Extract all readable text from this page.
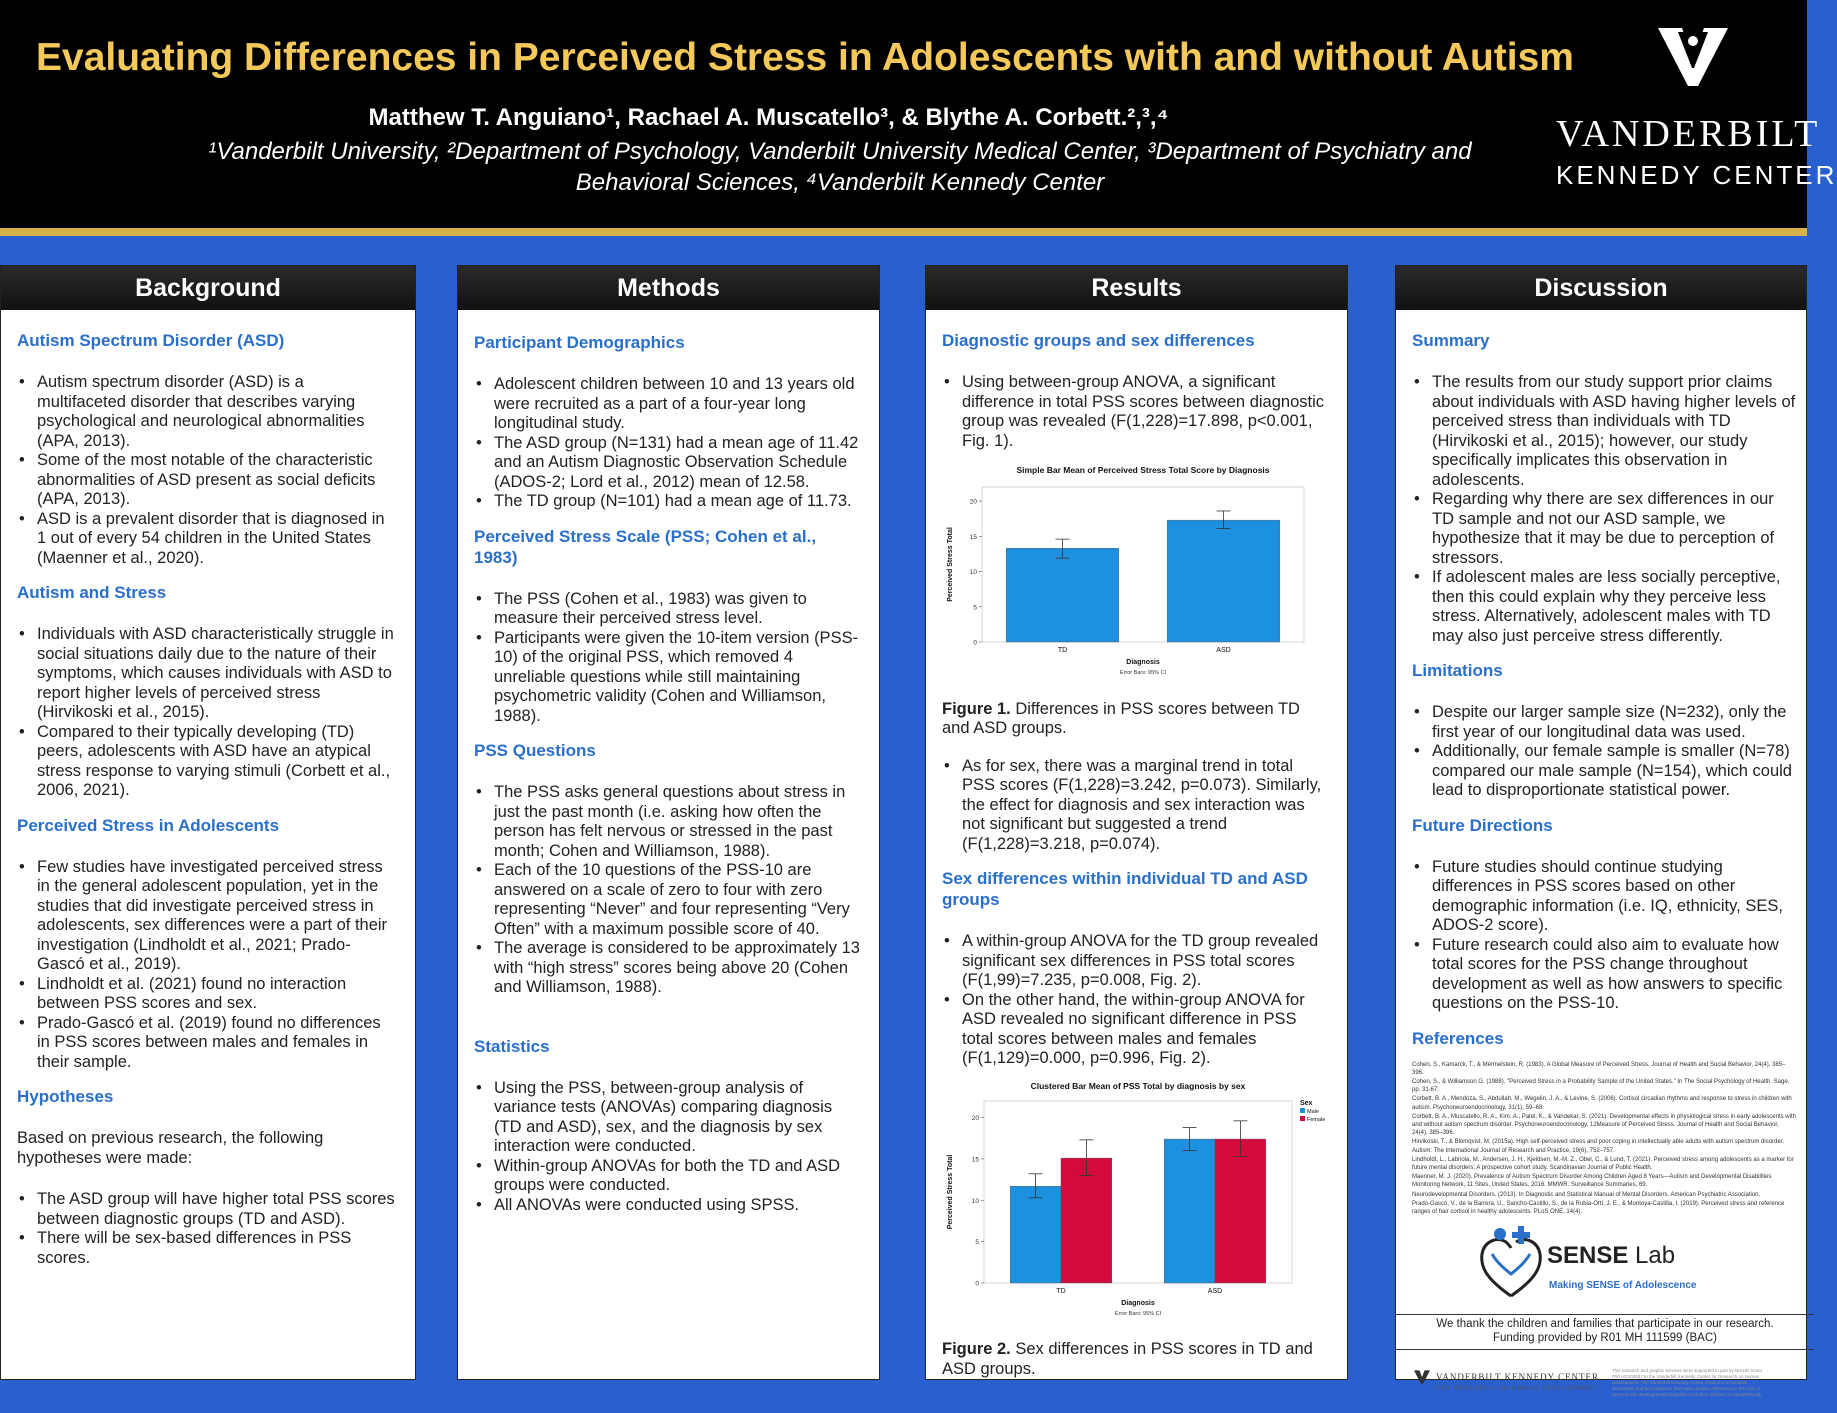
Evaluating Differences in Perceived Stress in Adolescents with and without Autism
Matthew T. Anguiano¹, Rachael A. Muscatello³, & Blythe A. Corbett.²,³,⁴
¹Vanderbilt University, ²Department of Psychology, Vanderbilt University Medical Center, ³Department of Psychiatry and
Behavioral Sciences, ⁴Vanderbilt Kennedy Center
VANDERBILT
KENNEDY CENTER
Background
Autism Spectrum Disorder (ASD)
• Autism spectrum disorder (ASD) is a multifaceted disorder that describes varying psychological and neurological abnormalities (APA, 2013).
• Some of the most notable of the characteristic abnormalities of ASD present as social deficits (APA, 2013).
• ASD is a prevalent disorder that is diagnosed in 1 out of every 54 children in the United States (Maenner et al., 2020).
Autism and Stress
• Individuals with ASD characteristically struggle in social situations daily due to the nature of their symptoms, which causes individuals with ASD to report higher levels of perceived stress (Hirvikoski et al., 2015).
• Compared to their typically developing (TD) peers, adolescents with ASD have an atypical stress response to varying stimuli (Corbett et al., 2006, 2021).
Perceived Stress in Adolescents
• Few studies have investigated perceived stress in the general adolescent population, yet in the studies that did investigate perceived stress in adolescents, sex differences were a part of their investigation (Lindholdt et al., 2021; Prado-Gascó et al., 2019).
• Lindholdt et al. (2021) found no interaction between PSS scores and sex.
• Prado-Gascó et al. (2019) found no differences in PSS scores between males and females in their sample.
Hypotheses

Based on previous research, the following hypotheses were made:

• The ASD group will have higher total PSS scores between diagnostic groups (TD and ASD).
• There will be sex-based differences in PSS scores.
Methods
Participant Demographics
• Adolescent children between 10 and 13 years old were recruited as a part of a four-year long longitudinal study.
• The ASD group (N=131) had a mean age of 11.42 and an Autism Diagnostic Observation Schedule (ADOS-2; Lord et al., 2012) mean of 12.58.
• The TD group (N=101) had a mean age of 11.73.
Perceived Stress Scale (PSS; Cohen et al., 1983)
• The PSS (Cohen et al., 1983) was given to measure their perceived stress level.
• Participants were given the 10-item version (PSS-10) of the original PSS, which removed 4 unreliable questions while still maintaining psychometric validity (Cohen and Williamson, 1988).
PSS Questions
• The PSS asks general questions about stress in just the past month (i.e. asking how often the person has felt nervous or stressed in the past month; Cohen and Williamson, 1988).
• Each of the 10 questions of the PSS-10 are answered on a scale of zero to four with zero representing “Never” and four representing “Very Often” with a maximum possible score of 40.
• The average is considered to be approximately 13 with “high stress” scores being above 20 (Cohen and Williamson, 1988).
Statistics
• Using the PSS, between-group analysis of variance tests (ANOVAs) comparing diagnosis (TD and ASD), sex, and the diagnosis by sex interaction were conducted.
• Within-group ANOVAs for both the TD and ASD groups were conducted.
• All ANOVAs were conducted using SPSS.
Results
Diagnostic groups and sex differences
• Using between-group ANOVA, a significant difference in total PSS scores between diagnostic group was revealed (F(1,228)=17.898, p<0.001, Fig. 1).
Simple Bar Mean of Perceived Stress Total Score by Diagnosis
0
5
10
15
20
Perceived Stress Total
TD	ASD
Diagnosis
Error Bars: 95% CI
Figure 1. Differences in PSS scores between TD and ASD groups.
• As for sex, there was a marginal trend in total PSS scores (F(1,228)=3.242, p=0.073). Similarly, the effect for diagnosis and sex interaction was not significant but suggested a trend (F(1,228)=3.218, p=0.074).
Sex differences within individual TD and ASD groups
• A within-group ANOVA for the TD group revealed significant sex differences in PSS total scores (F(1,99)=7.235, p=0.008, Fig. 2).
• On the other hand, the within-group ANOVA for ASD revealed no significant difference in PSS total scores between males and females (F(1,129)=0.000, p=0.996, Fig. 2).
Clustered Bar Mean of PSS Total by diagnosis by sex
0
5
10
15
20
Perceived Stress Total
TD	ASD
Diagnosis
Error Bars: 95% CI
Sex
Male
Female
Figure 2. Sex differences in PSS scores in TD and ASD groups.
Discussion
Summary
• The results from our study support prior claims about individuals with ASD having higher levels of perceived stress than individuals with TD (Hirvikoski et al., 2015); however, our study specifically implicates this observation in adolescents.
• Regarding why there are sex differences in our TD sample and not our ASD sample, we hypothesize that it may be due to perception of stressors.
• If adolescent males are less socially perceptive, then this could explain why they perceive less stress. Alternatively, adolescent males with TD may also just perceive stress differently.
Limitations
• Despite our larger sample size (N=232), only the first year of our longitudinal data was used.
• Additionally, our female sample is smaller (N=78) compared our male sample (N=154), which could lead to disproportionate statistical power.
Future Directions
• Future studies should continue studying differences in PSS scores based on other demographic information (i.e. IQ, ethnicity, SES, ADOS-2 score).
• Future research could also aim to evaluate how total scores for the PSS change throughout development as well as how answers to specific questions on the PSS-10.
References
Cohen, S., Kamarck, T., & Mermelstein, R. (1983). A Global Measure of Perceived Stress. Journal of Health and Social Behavior, 24(4), 385–396.
Cohen, S., & Williamson G. (1988). "Perceived Stress in a Probability Sample of the United States." In The Social Psychology of Health. Sage, pp. 31-67.
Corbett, B. A., Mendoza, S., Abdullah, M., Wegelin, J. A., & Levine, S. (2006). Cortisol circadian rhythms and response to stress in children with autism. Psychoneuroendocrinology, 31(1), 59–68.
Corbett, B. A., Muscatello, R. A., Kim, A., Patel, K., & Vandekar, S. (2021). Developmental effects in physiological stress in early adolescents with and without autism spectrum disorder. Psychoneuroendocrinology, 12Measure of Perceived Stress. Journal of Health and Social Behavior, 24(4), 385–396.
Hirvikoski, T., & Blomqvist, M. (2015a). High self-perceived stress and poor coping in intellectually able adults with autism spectrum disorder. Autism: The International Journal of Research and Practice, 19(6), 752–757.
Lindholdt, L., Labriola, M., Andersen, J. H., Kjeldsen, M.-M. Z., Obel, C., & Lund, T. (2021). Perceived stress among adolescents as a marker for future mental disorders: A prospective cohort study. Scandinavian Journal of Public Health.
Maenner, M. J. (2020). Prevalence of Autism Spectrum Disorder Among Children Aged 8 Years—Autism and Developmental Disabilities Monitoring Network, 11 Sites, United States, 2016. MMWR. Surveillance Summaries, 69.
Neurodevelopmental Disorders. (2013). In Diagnostic and Statistical Manual of Mental Disorders. American Psychiatric Association.
Prado-Gascó, V., de la Barrera, U., Sancho-Castillo, S., de la Rubia-Ortí, J. E., & Montoya-Castilla, I. (2019). Perceived stress and reference ranges of hair cortisol in healthy adolescents. PLoS ONE, 14(4).
SENSE Lab
Making SENSE of Adolescence
We thank the children and families that participate in our research.
Funding provided by R01 MH 111599 (BAC)
VANDERBILT KENNEDY CENTER
FOR RESEARCH ON HUMAN DEVELOPMENT
This research and graphic services were supported in part by NICHD Grant P50 HD103537 to the Vanderbilt Kennedy Center for Research on Human Development. The Vanderbilt Kennedy Center mission is to facilitate discoveries and best practices that make positive differences in the lives of persons with developmental disabilities and their families. kc.vanderbilt.edu
